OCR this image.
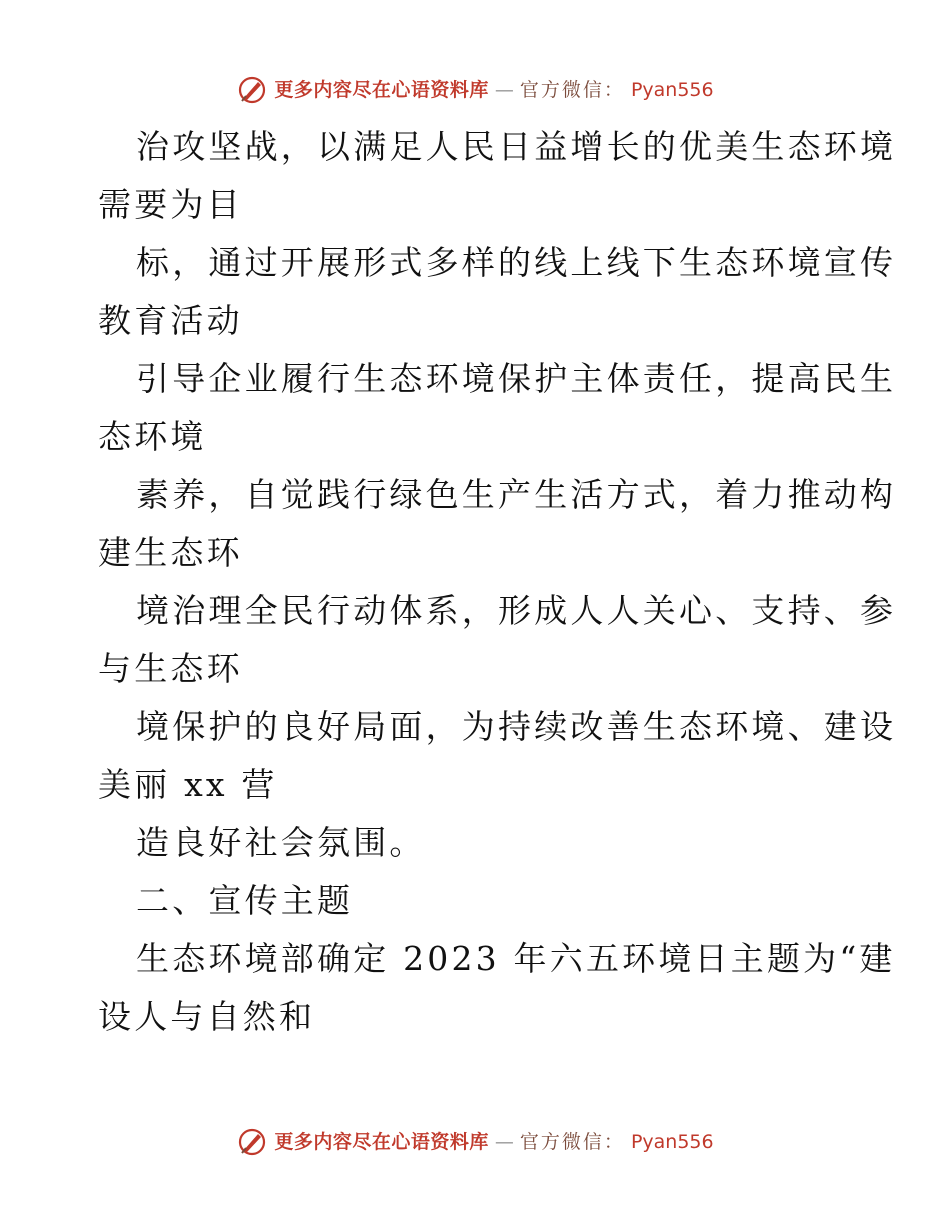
更多内容尽在心语资料库 — 官方微信： Pyan556

治攻坚战，以满足人民日益增长的优美生态环境

需要为目

标，通过开展形式多样的线上线下生态环境宣传

教育活动

引导企业履行生态环境保护主体责任，提高民生

态环境

素养，自觉践行绿色生产生活方式，着力推动构

建生态环

境治理全民行动体系，形成人人关心、支持、参

与生态环

境保护的良好局面，为持续改善生态环境、建设

美丽 xx 营

造良好社会氛围。

二、宣传主题

生态环境部确定 2023 年六五环境日主题为“建

设人与自然和

更多内容尽在心语资料库 — 官方微信： Pyan556
